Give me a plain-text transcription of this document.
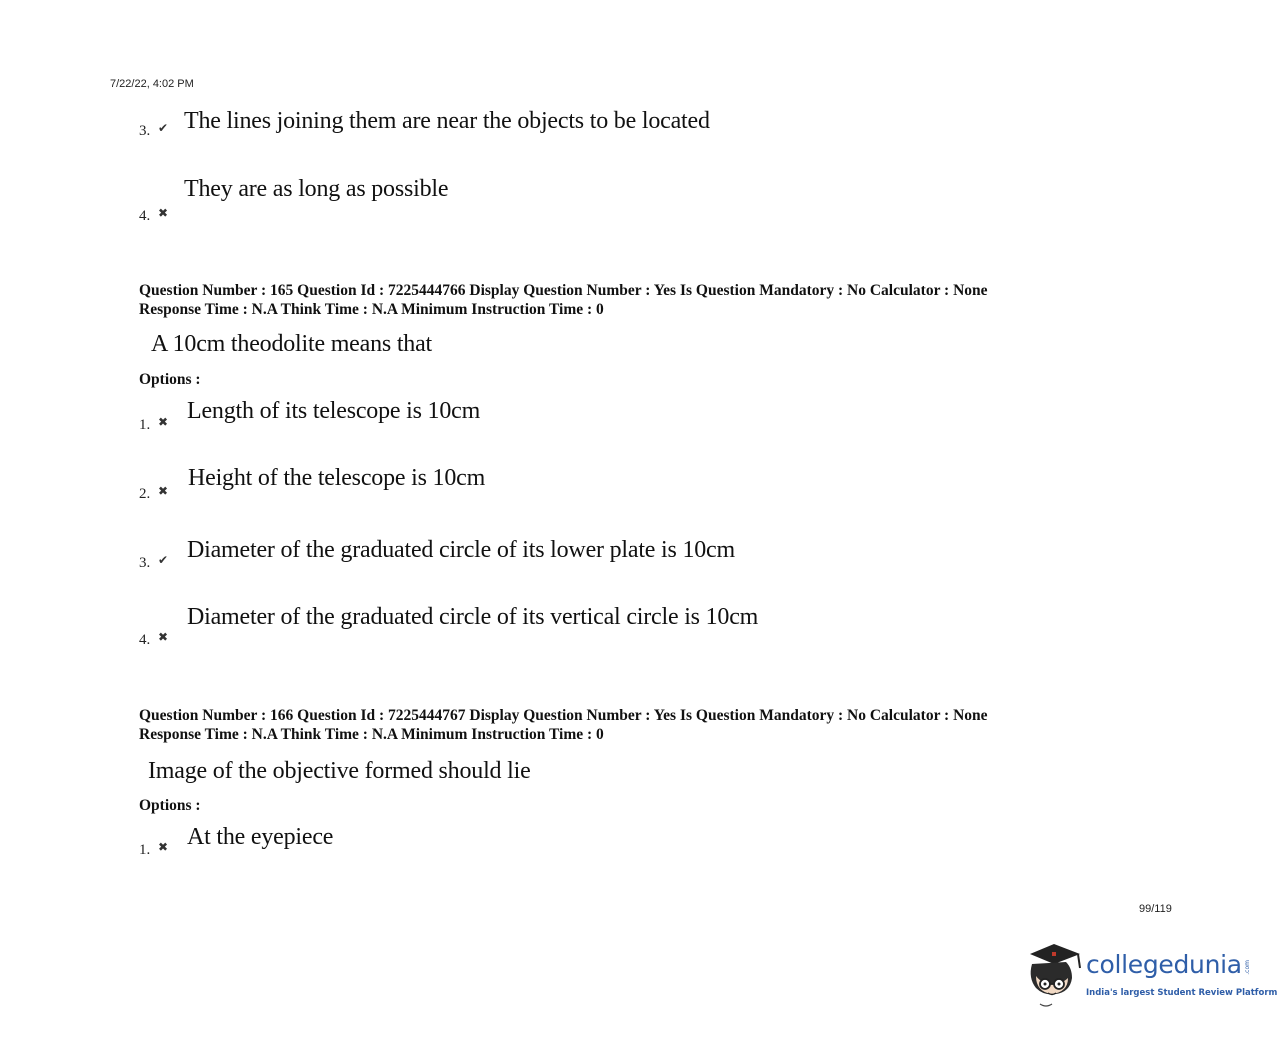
7/22/22, 4:02 PM
3. ✔ The lines joining them are near the objects to be located
4. ✖
They are as long as possible
Question Number : 165 Question Id : 7225444766 Display Question Number : Yes Is Question Mandatory : No Calculator : None
Response Time : N.A Think Time : N.A Minimum Instruction Time : 0
A 10cm theodolite means that
Options :
1. ✖ Length of its telescope is 10cm
2. ✖ Height of the telescope is 10cm
3. ✔ Diameter of the graduated circle of its lower plate is 10cm
4. ✖
Diameter of the graduated circle of its vertical circle is 10cm
Question Number : 166 Question Id : 7225444767 Display Question Number : Yes Is Question Mandatory : No Calculator : None
Response Time : N.A Think Time : N.A Minimum Instruction Time : 0
Image of the objective formed should lie
Options :
1. ✖ At the eyepiece
99/119
collegedunia .com
India's largest Student Review Platform
